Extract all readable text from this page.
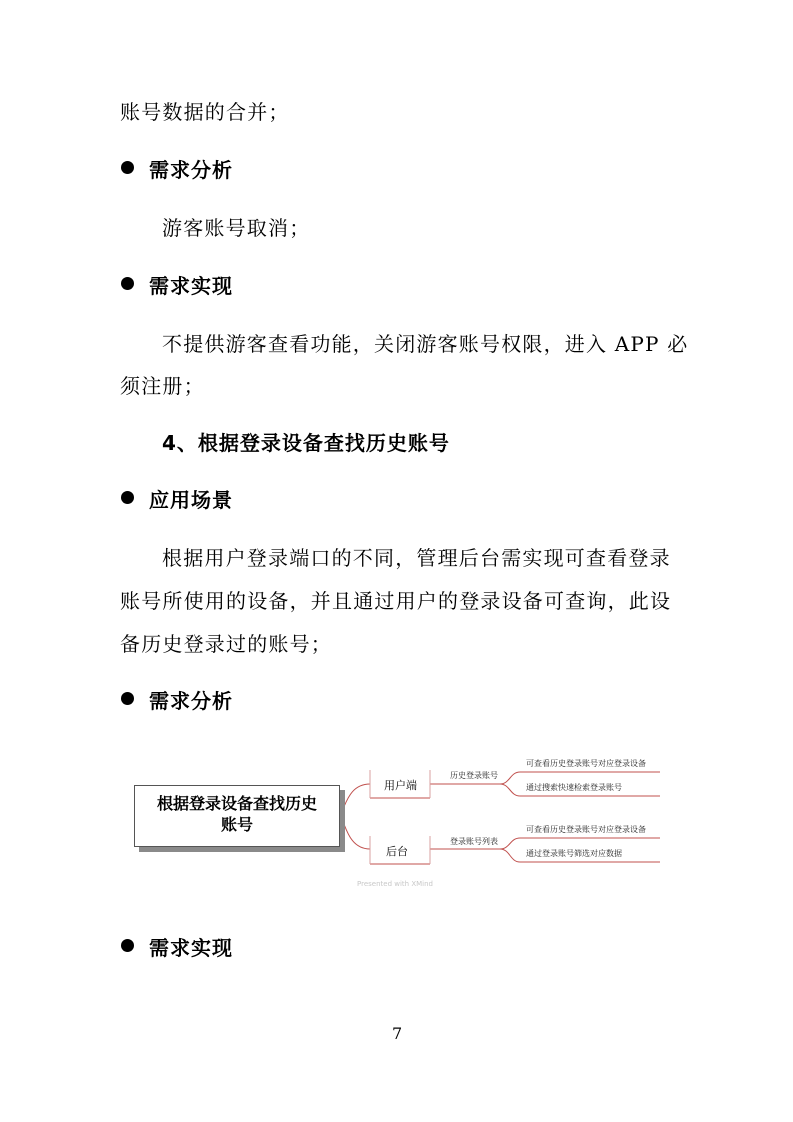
账号数据的合并；
需求分析
游客账号取消；
需求实现
不提供游客查看功能，关闭游客账号权限，进入 APP 必
须注册；
4、根据登录设备查找历史账号
应用场景
根据用户登录端口的不同，管理后台需实现可查看登录
账号所使用的设备，并且通过用户的登录设备可查询，此设
备历史登录过的账号；
需求分析
根据登录设备查找历史账号
用户端
后台
历史登录账号
登录账号列表
可查看历史登录账号对应登录设备
通过搜索快速检索登录账号
可查看历史登录账号对应登录设备
通过登录账号筛选对应数据
Presented with XMind
需求实现
7
